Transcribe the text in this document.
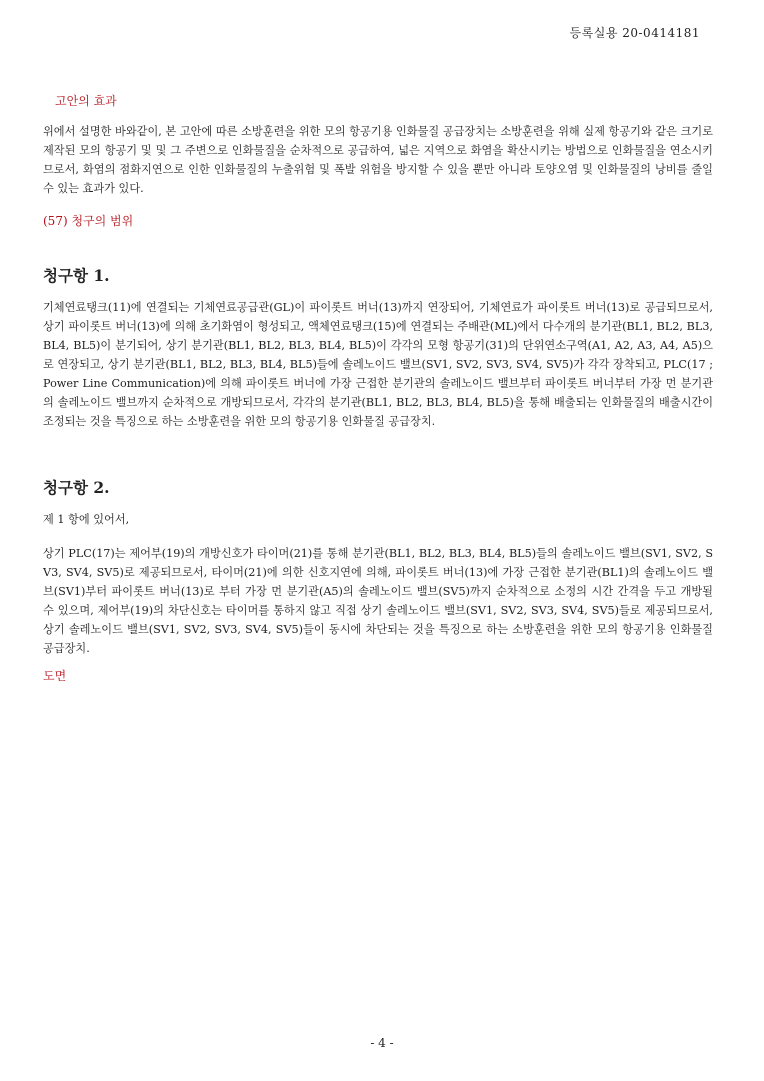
등록실용 20-0414181
고안의 효과

위에서 설명한 바와같이, 본 고안에 따른 소방훈련을 위한 모의 항공기용 인화물질 공급장치는 소방훈련을 위해 실제 항공기와 같은 크기로 제작된 모의 항공기 및 및 그 주변으로 인화물질을 순차적으로 공급하여, 넓은 지역으로 화염을 확산시키는 방법으로 인화물질을 연소시키므로서, 화염의 점화지연으로 인한 인화물질의 누출위험 및 폭발 위험을 방지할 수 있을 뿐만 아니라 토양오염 및 인화물질의 낭비를 줄일 수 있는 효과가 있다.

(57) 청구의 범위
청구항 1.

기체연료탱크(11)에 연결되는 기체연료공급관(GL)이 파이롯트 버너(13)까지 연장되어, 기체연료가 파이롯트 버너(13)로 공급되므로서, 상기 파이롯트 버너(13)에 의해 초기화염이 형성되고, 액체연료탱크(15)에 연결되는 주배관(ML)에서 다수개의 분기관(BL1, BL2, BL3, BL4, BL5)이 분기되어, 상기 분기관(BL1, BL2, BL3, BL4, BL5)이 각각의 모형 항공기(31)의 단위연소구역(A1, A2, A3, A4, A5)으로 연장되고, 상기 분기관(BL1, BL2, BL3, BL4, BL5)들에 솔레노이드 밸브(SV1, SV2, SV3, SV4, SV5)가 각각 장착되고, PLC(17 ; Power Line Communication)에 의해 파이롯트 버너에 가장 근접한 분기관의 솔레노이드 밸브부터 파이롯트 버너부터 가장 먼 분기관의 솔레노이드 밸브까지 순차적으로 개방되므로서, 각각의 분기관(BL1, BL2, BL3, BL4, BL5)을 통해 배출되는 인화물질의 배출시간이 조정되는 것을 특징으로 하는 소방훈련을 위한 모의 항공기용 인화물질 공급장치.

청구항 2.

제 1 항에 있어서,

상기 PLC(17)는 제어부(19)의 개방신호가 타이머(21)를 통해 분기관(BL1, BL2, BL3, BL4, BL5)들의 솔레노이드 밸브(SV1, SV2, SV3, SV4, SV5)로 제공되므로서, 타이머(21)에 의한 신호지연에 의해, 파이롯트 버너(13)에 가장 근접한 분기관(BL1)의 솔레노이드 밸브(SV1)부터 파이롯트 버너(13)로 부터 가장 먼 분기관(A5)의 솔레노이드 밸브(SV5)까지 순차적으로 소정의 시간 간격을 두고 개방될 수 있으며, 제어부(19)의 차단신호는 타이머를 통하지 않고 직접 상기 솔레노이드 밸브(SV1, SV2, SV3, SV4, SV5)들로 제공되므로서, 상기 솔레노이드 밸브(SV1, SV2, SV3, SV4, SV5)들이 동시에 차단되는 것을 특징으로 하는 소방훈련을 위한 모의 항공기용 인화물질 공급장치.

도면
- 4 -
